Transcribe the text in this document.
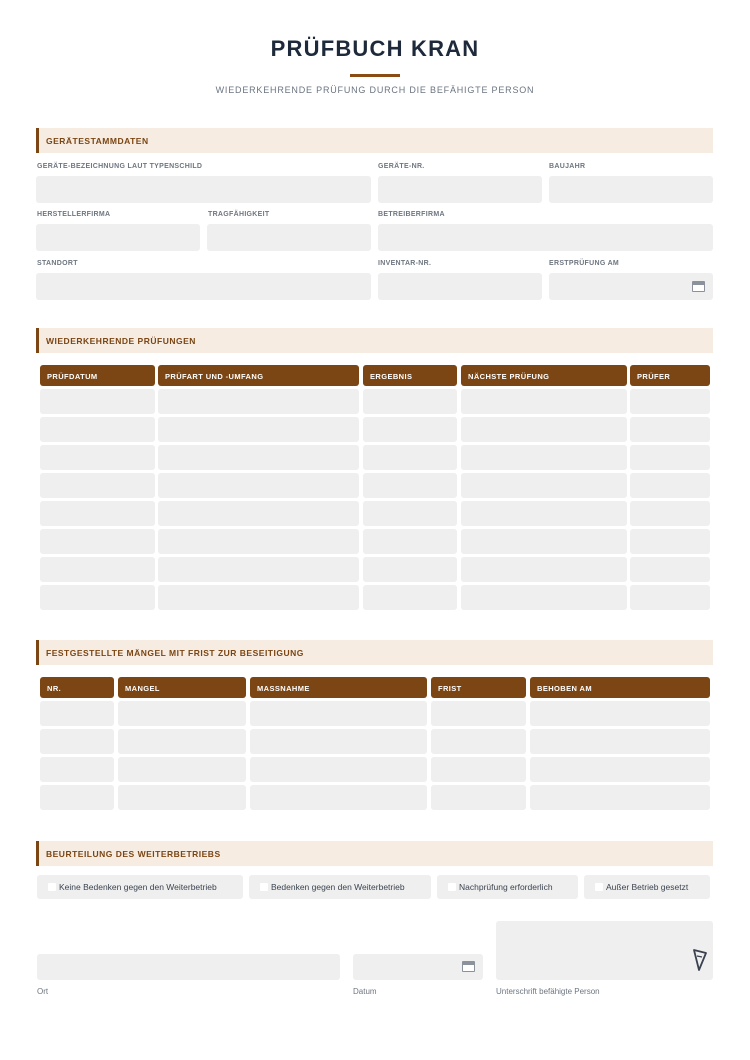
PRÜFBUCH KRAN
WIEDERKEHRENDE PRÜFUNG DURCH DIE BEFÄHIGTE PERSON
GERÄTESTAMMDATEN
GERÄTE-BEZEICHNUNG LAUT TYPENSCHILD	GERÄTE-NR.	BAUJAHR
HERSTELLERFIRMA	TRAGFÄHIGKEIT	BETREIBERFIRMA
STANDORT	INVENTAR-NR.	ERSTPRÜFUNG AM
WIEDERKEHRENDE PRÜFUNGEN
PRÜFDATUM	PRÜFART UND -UMFANG	ERGEBNIS	NÄCHSTE PRÜFUNG	PRÜFER
FESTGESTELLTE MÄNGEL MIT FRIST ZUR BESEITIGUNG
NR.	MANGEL	MASSNAHME	FRIST	BEHOBEN AM
BEURTEILUNG DES WEITERBETRIEBS
Keine Bedenken gegen den Weiterbetrieb	Bedenken gegen den Weiterbetrieb	Nachprüfung erforderlich	Außer Betrieb gesetzt
Ort	Datum	Unterschrift befähigte Person
